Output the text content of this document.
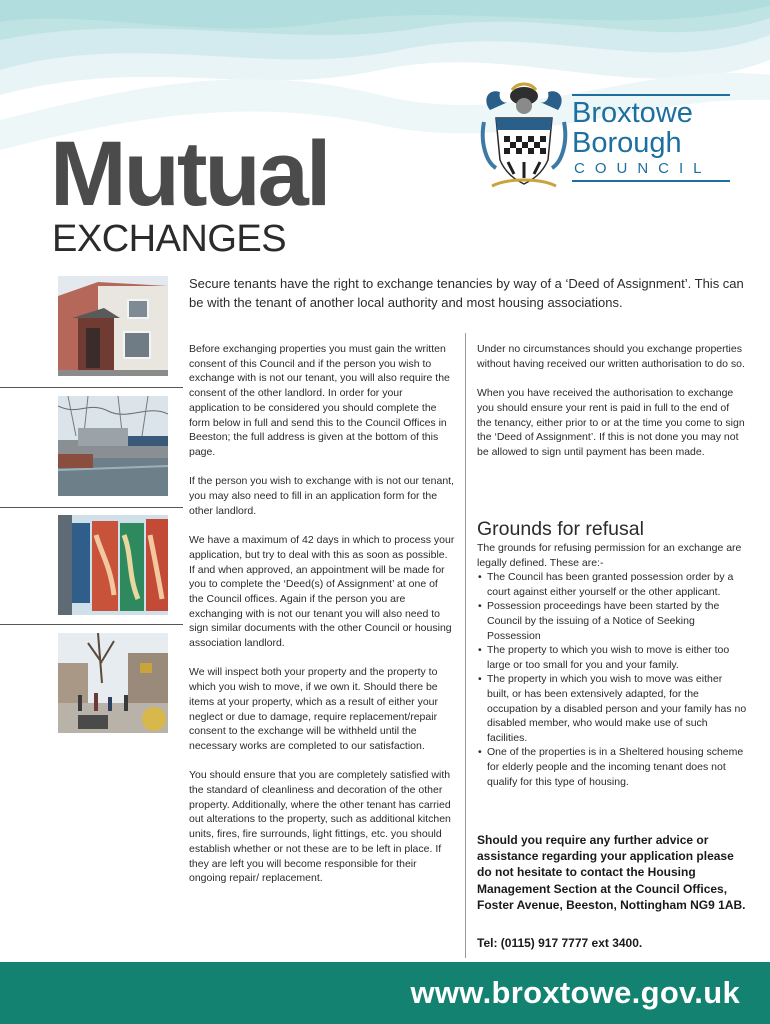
Mutual
EXCHANGES
Broxtowe
Borough
COUNCIL
Secure tenants have the right to exchange tenancies by way of a ‘Deed of Assignment’. This can be with the tenant of another local authority and most housing associations.

Before exchanging properties you must gain the written consent of this Council and if the person you wish to exchange with is not our tenant, you will also require the consent of the other landlord. In order for your application to be considered you should complete the form below in full and send this to the Council Offices in Beeston; the full address is given at the bottom of this page.

If the person you wish to exchange with is not our tenant, you may also need to fill in an application form for the other landlord.

We have a maximum of 42 days in which to process your application, but try to deal with this as soon as possible. If and when approved, an appointment will be made for you to complete the ‘Deed(s) of Assignment’ at one of the Council offices. Again if the person you are exchanging with is not our tenant you will also need to sign similar documents with the other Council or housing association landlord.

We will inspect both your property and the property to which you wish to move, if we own it. Should there be items at your property, which as a result of either your neglect or due to damage, require replacement/repair consent to the exchange will be withheld until the necessary works are completed to our satisfaction.

You should ensure that you are completely satisfied with the standard of cleanliness and decoration of the other property. Additionally, where the other tenant has carried out alterations to the property, such as additional kitchen units, fires, fire surrounds, light fittings, etc. you should establish whether or not these are to be left in place. If they are left you will become responsible for their ongoing repair/ replacement.

Under no circumstances should you exchange properties without having received our written authorisation to do so.

When you have received the authorisation to exchange you should ensure your rent is paid in full to the end of the tenancy, either prior to or at the time you come to sign the ‘Deed of Assignment’. If this is not done you may not be allowed to sign until payment has been made.

Grounds for refusal
The grounds for refusing permission for an exchange are legally defined. These are:-
• The Council has been granted possession order by a court against either yourself or the other applicant.
• Possession proceedings have been started by the Council by the issuing of a Notice of Seeking Possession
• The property to which you wish to move is either too large or too small for you and your family.
• The property in which you wish to move was either built, or has been extensively adapted, for the occupation by a disabled person and your family has no disabled member, who would make use of such facilities.
• One of the properties is in a Sheltered housing scheme for elderly people and the incoming tenant does not qualify for this type of housing.
Should you require any further advice or assistance regarding your application please do not hesitate to contact the Housing Management Section at the Council Offices, Foster Avenue, Beeston, Nottingham NG9 1AB.
Tel: (0115) 917 7777 ext 3400.
www.broxtowe.gov.uk
